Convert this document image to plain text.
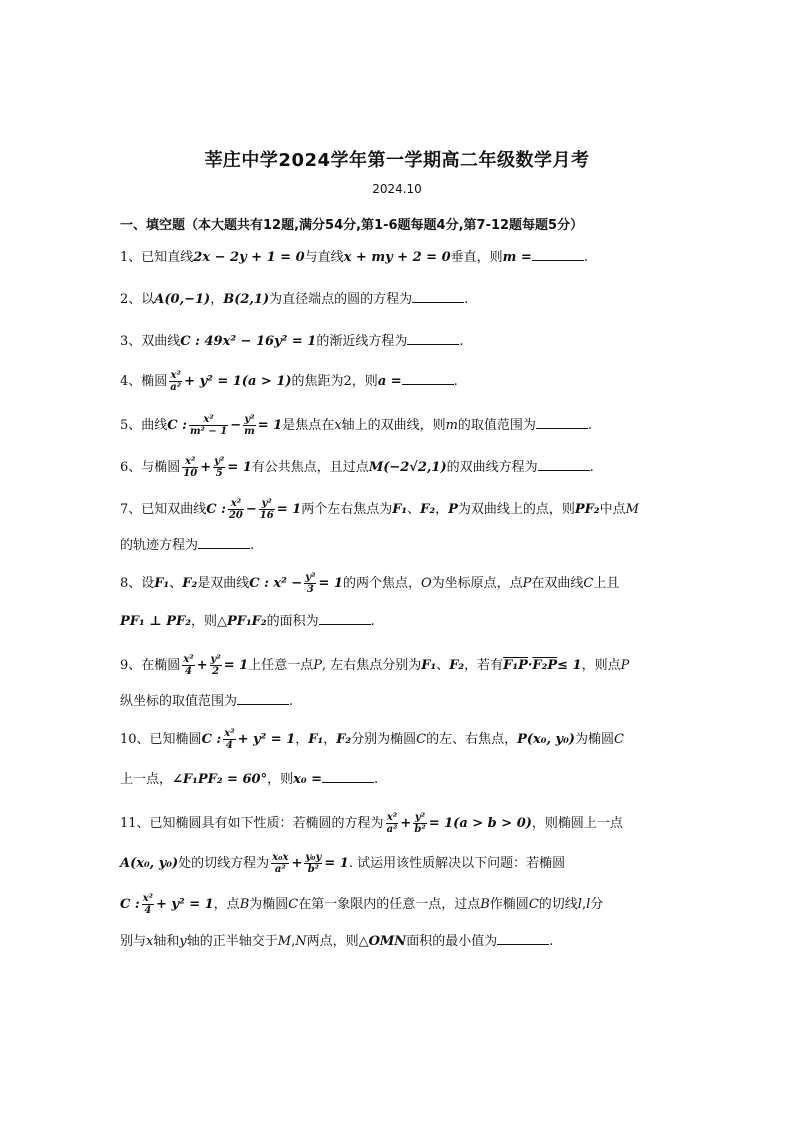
莘庄中学2024学年第一学期高二年级数学月考
2024.10
一、填空题（本大题共有12题,满分54分,第1-6题每题4分,第7-12题每题5分）
1、已知直线2x − 2y + 1 = 0与直线x + my + 2 = 0垂直，则m =	.
2、以A(0,−1)，B(2,1)为直径端点的圆的方程为	.
3、双曲线C : 49x² − 16y² = 1的渐近线方程为	.
4、椭圆 $\frac{\text{x²}}{\text{a²}} + y^2 = 1(a > 1)$的焦距为2，则a =	.
5、曲线C : $\frac{\text{x²}}{\text{m² − 1}} - \frac{\text{y²}}{m} = 1$是焦点在x轴上的双曲线，则m的取值范围为	.
6、与椭圆 $\frac{\text{x²}}{10} + \frac{\text{y²}}{5} = 1$有公共焦点，且过点M(−2√2,1)的双曲线方程为	.
7、已知双曲线C : $\frac{\text{x²}}{20} - \frac{\text{y²}}{16} = 1$两个左右焦点为F₁、F₂，P为双曲线上的点，则PF₂中点M
的轨迹方程为	.
8、设F₁、F₂是双曲线C : $x^2 - \frac{\text{y²}}{3} = 1$的两个焦点，O为坐标原点，点P在双曲线C上且
PF₁ ⊥ PF₂，则△PF₁F₂的面积为	.
9、在椭圆 $\frac{\text{x²}}{4} + \frac{\text{y²}}{2} = 1$上任意一点P, 左右焦点分别为F₁、F₂，若有F₁P·F₂P≤ 1，则点P
纵坐标的取值范围为	.
10、已知椭圆C : $\frac{\text{x²}}{4} + y^2 = 1$，F₁，F₂分别为椭圆C的左、右焦点，P(x₀, y₀)为椭圆C
上一点，∠F₁PF₂ = 60°，则x₀ =	.
11、已知椭圆具有如下性质：若椭圆的方程为 $\frac{\text{x²}}{\text{a²}} + \frac{\text{y²}}{\text{b²}} = 1(a > b > 0)$，则椭圆上一点
A(x₀, y₀)处的切线方程为 $\frac{\text{x₀x}}{\text{a²}} + \frac{\text{y₀y}}{\text{b²}} = 1$. 试运用该性质解决以下问题：若椭圆
C : $\frac{\text{x²}}{4} + y^2 = 1$，点B为椭圆C在第一象限内的任意一点，过点B作椭圆C的切线l,l分
别与x轴和y轴的正半轴交于M,N两点，则△OMN面积的最小值为	.
